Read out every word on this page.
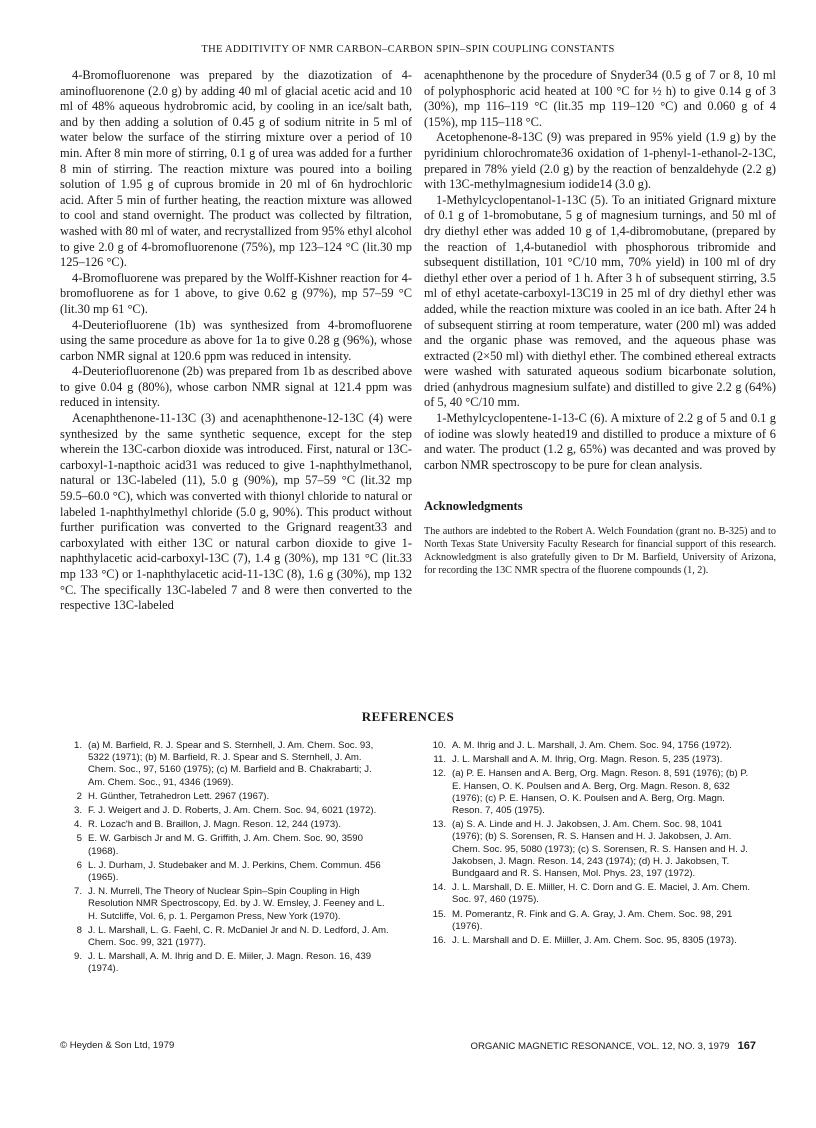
THE ADDITIVITY OF NMR CARBON–CARBON SPIN–SPIN COUPLING CONSTANTS

4-Bromofluorenone was prepared by the diazotization of 4-aminofluorenone (2.0 g) by adding 40 ml of glacial acetic acid and 10 ml of 48% aqueous hydrobromic acid, by cooling in an ice/salt bath, and by then adding a solution of 0.45 g of sodium nitrite in 5 ml of water below the surface of the stirring mixture over a period of 10 min. After 8 min more of stirring, 0.1 g of urea was added for a further 8 min of stirring. The reaction mixture was poured into a boiling solution of 1.95 g of cuprous bromide in 20 ml of 6n hydrochloric acid. After 5 min of further heating, the reaction mixture was allowed to cool and stand overnight. The product was collected by filtration, washed with 80 ml of water, and recrystallized from 95% ethyl alcohol to give 2.0 g of 4-bromofluorenone (75%), mp 123–124 °C (lit.30 mp 125–126 °C).

4-Bromofluorene was prepared by the Wolff-Kishner reaction for 4-bromofluorene as for 1 above, to give 0.62 g (97%), mp 57–59 °C (lit.30 mp 61 °C).

4-Deuteriofluorene (1b) was synthesized from 4-bromofluorene using the same procedure as above for 1a to give 0.28 g (96%), whose carbon NMR signal at 120.6 ppm was reduced in intensity.

4-Deuteriofluorenone (2b) was prepared from 1b as described above to give 0.04 g (80%), whose carbon NMR signal at 121.4 ppm was reduced in intensity.

Acenaphthenone-11-13C (3) and acenaphthenone-12-13C (4) were synthesized by the same synthetic sequence, except for the step wherein the 13C-carbon dioxide was introduced. First, natural or 13C-carboxyl-1-napthoic acid31 was reduced to give 1-naphthylmethanol, natural or 13C-labeled (11), 5.0 g (90%), mp 57–59 °C (lit.32 mp 59.5–60.0 °C), which was converted with thionyl chloride to natural or labeled 1-naphthylmethyl chloride (5.0 g, 90%). This product without further purification was converted to the Grignard reagent33 and carboxylated with either 13C or natural carbon dioxide to give 1-naphthylacetic acid-carboxyl-13C (7), 1.4 g (30%), mp 131 °C (lit.33 mp 133 °C) or 1-naphthylacetic acid-11-13C (8), 1.6 g (30%), mp 132 °C. The specifically 13C-labeled 7 and 8 were then converted to the respective 13C-labeled

acenaphthenone by the procedure of Snyder34 (0.5 g of 7 or 8, 10 ml of polyphosphoric acid heated at 100 °C for ½ h) to give 0.14 g of 3 (30%), mp 116–119 °C (lit.35 mp 119–120 °C) and 0.060 g of 4 (15%), mp 115–118 °C.

Acetophenone-8-13C (9) was prepared in 95% yield (1.9 g) by the pyridinium chlorochromate36 oxidation of 1-phenyl-1-ethanol-2-13C, prepared in 78% yield (2.0 g) by the reaction of benzaldehyde (2.2 g) with 13C-methylmagnesium iodide14 (3.0 g).

1-Methylcyclopentanol-1-13C (5). To an initiated Grignard mixture of 0.1 g of 1-bromobutane, 5 g of magnesium turnings, and 50 ml of dry diethyl ether was added 10 g of 1,4-dibromobutane, (prepared by the reaction of 1,4-butanediol with phosphorous tribromide and subsequent distillation, 101 °C/10 mm, 70% yield) in 100 ml of dry diethyl ether over a period of 1 h. After 3 h of subsequent stirring, 3.5 ml of ethyl acetate-carboxyl-13C19 in 25 ml of dry diethyl ether was added, while the reaction mixture was cooled in an ice bath. After 24 h of subsequent stirring at room temperature, water (200 ml) was added and the organic phase was removed, and the aqueous phase was extracted (2×50 ml) with diethyl ether. The combined ethereal extracts were washed with saturated aqueous sodium bicarbonate solution, dried (anhydrous magnesium sulfate) and distilled to give 2.2 g (64%) of 5, 40 °C/10 mm.

1-Methylcyclopentene-1-13-C (6). A mixture of 2.2 g of 5 and 0.1 g of iodine was slowly heated19 and distilled to produce a mixture of 6 and water. The product (1.2 g, 65%) was decanted and was proved by carbon NMR spectroscopy to be pure for clean analysis.

Acknowledgments

The authors are indebted to the Robert A. Welch Foundation (grant no. B-325) and to North Texas State University Faculty Research for financial support of this research. Acknowledgment is also gratefully given to Dr M. Barfield, University of Arizona, for recording the 13C NMR spectra of the fluorene compounds (1, 2).

REFERENCES
1. (a) M. Barfield, R. J. Spear and S. Sternhell, J. Am. Chem. Soc. 93, 5322 (1971); (b) M. Barfield, R. J. Spear and S. Sternhell, J. Am. Chem. Soc., 97, 5160 (1975); (c) M. Barfield and B. Chakrabarti; J. Am. Chem. Soc., 91, 4346 (1969).
2 H. Günther, Tetrahedron Lett. 2967 (1967).
3. F. J. Weigert and J. D. Roberts, J. Am. Chem. Soc. 94, 6021 (1972).
4. R. Lozac'h and B. Braillon, J. Magn. Reson. 12, 244 (1973).
5 E. W. Garbisch Jr and M. G. Griffith, J. Am. Chem. Soc. 90, 3590 (1968).
6 L. J. Durham, J. Studebaker and M. J. Perkins, Chem. Commun. 456 (1965).
7. J. N. Murrell, The Theory of Nuclear Spin–Spin Coupling in High Resolution NMR Spectroscopy, Ed. by J. W. Emsley, J. Feeney and L. H. Sutcliffe, Vol. 6, p. 1. Pergamon Press, New York (1970).
8 J. L. Marshall, L. G. Faehl, C. R. McDaniel Jr and N. D. Ledford, J. Am. Chem. Soc. 99, 321 (1977).
9. J. L. Marshall, A. M. Ihrig and D. E. Miiler, J. Magn. Reson. 16, 439 (1974).
10. A. M. Ihrig and J. L. Marshall, J. Am. Chem. Soc. 94, 1756 (1972).
11. J. L. Marshall and A. M. Ihrig, Org. Magn. Reson. 5, 235 (1973).
12. (a) P. E. Hansen and A. Berg, Org. Magn. Reson. 8, 591 (1976); (b) P. E. Hansen, O. K. Poulsen and A. Berg, Org. Magn. Reson. 8, 632 (1976); (c) P. E. Hansen, O. K. Poulsen and A. Berg, Org. Magn. Reson. 7, 405 (1975).
13. (a) S. A. Linde and H. J. Jakobsen, J. Am. Chem. Soc. 98, 1041 (1976); (b) S. Sorensen, R. S. Hansen and H. J. Jakobsen, J. Am. Chem. Soc. 95, 5080 (1973); (c) S. Sorensen, R. S. Hansen and H. J. Jakobsen, J. Magn. Reson. 14, 243 (1974); (d) H. J. Jakobsen, T. Bundgaard and R. S. Hansen, Mol. Phys. 23, 197 (1972).
14. J. L. Marshall, D. E. Miiller, H. C. Dorn and G. E. Maciel, J. Am. Chem. Soc. 97, 460 (1975).
15. M. Pomerantz, R. Fink and G. A. Gray, J. Am. Chem. Soc. 98, 291 (1976).
16. J. L. Marshall and D. E. Miiller, J. Am. Chem. Soc. 95, 8305 (1973).
© Heyden & Son Ltd, 1979	ORGANIC MAGNETIC RESONANCE, VOL. 12, NO. 3, 1979 167
